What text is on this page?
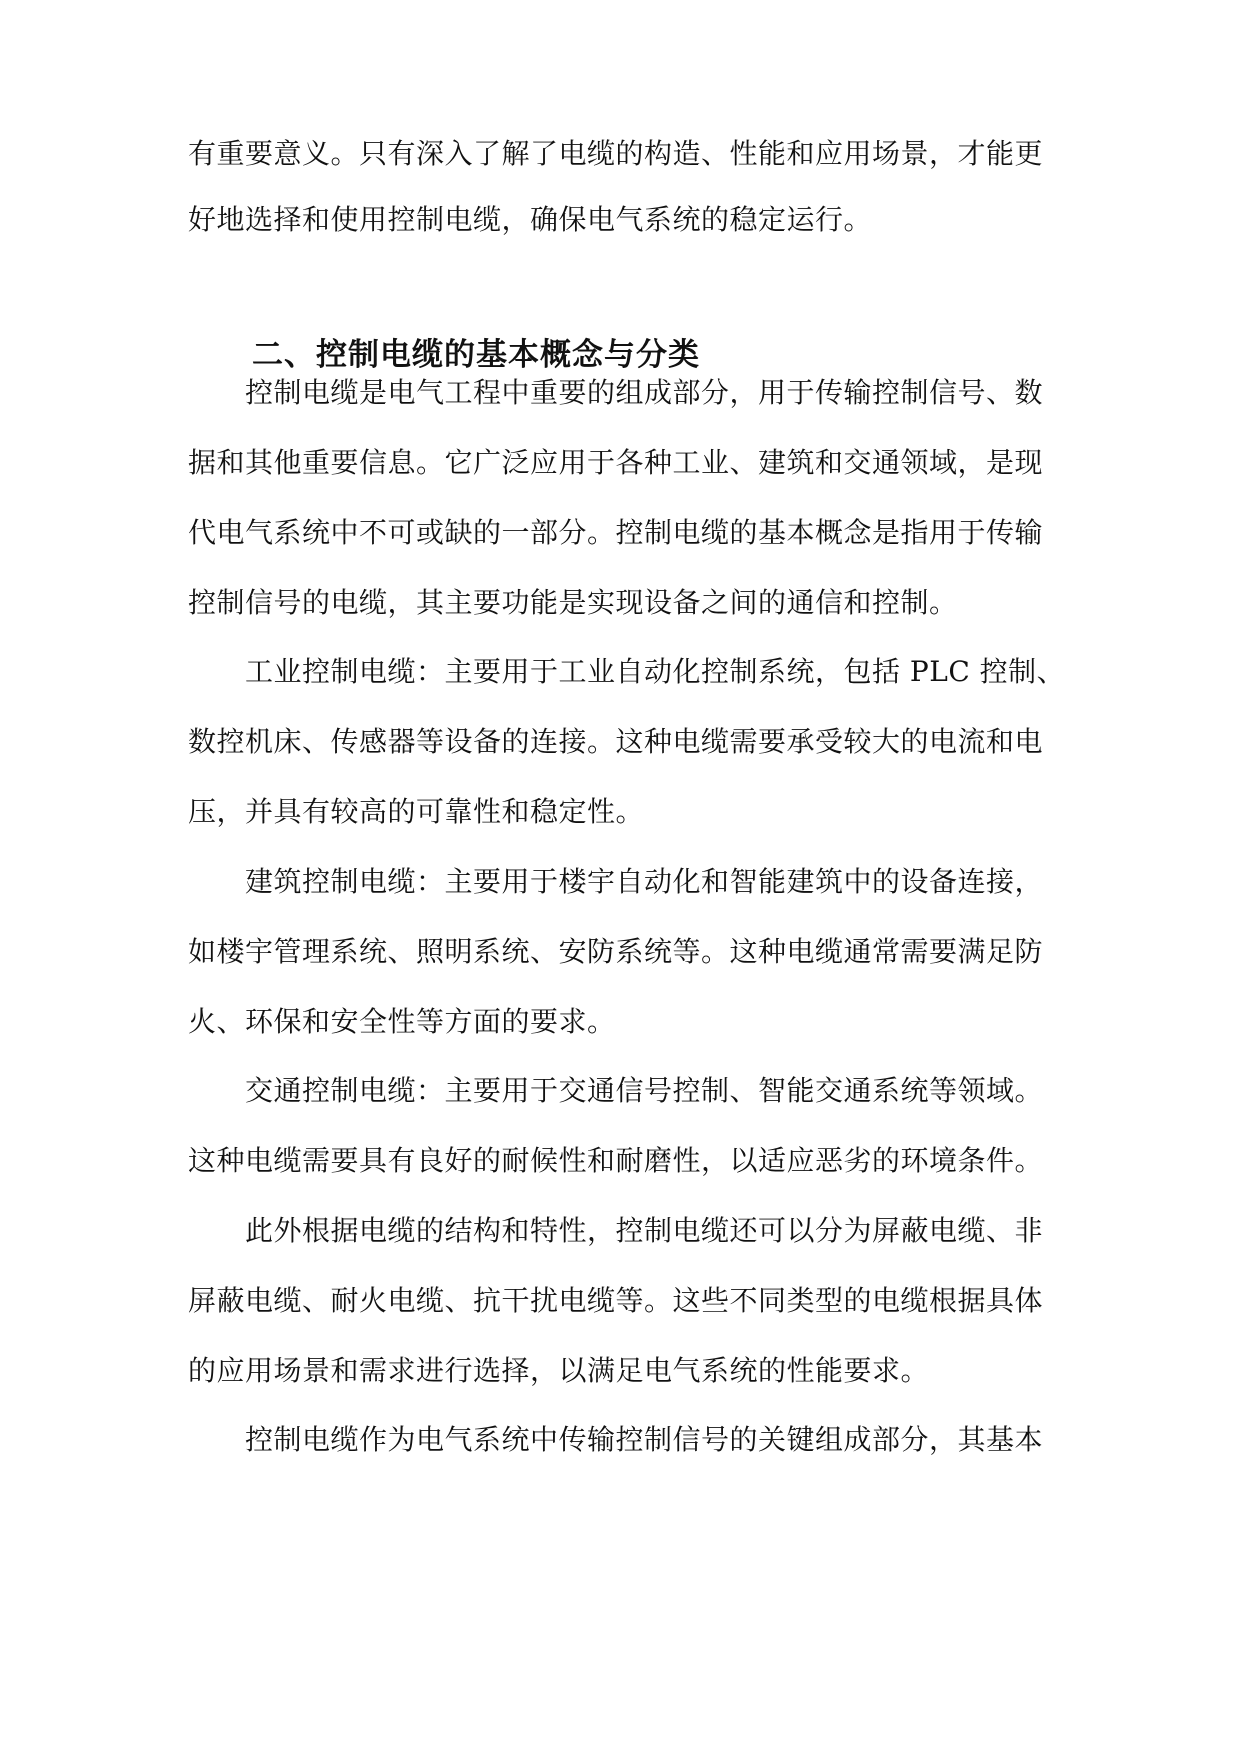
有重要意义。只有深入了解了电缆的构造、性能和应用场景，才能更
好地选择和使用控制电缆，确保电气系统的稳定运行。
二、控制电缆的基本概念与分类
控制电缆是电气工程中重要的组成部分，用于传输控制信号、数
据和其他重要信息。它广泛应用于各种工业、建筑和交通领域，是现
代电气系统中不可或缺的一部分。控制电缆的基本概念是指用于传输
控制信号的电缆，其主要功能是实现设备之间的通信和控制。
工业控制电缆：主要用于工业自动化控制系统，包括 PLC 控制、
数控机床、传感器等设备的连接。这种电缆需要承受较大的电流和电
压，并具有较高的可靠性和稳定性。
建筑控制电缆：主要用于楼宇自动化和智能建筑中的设备连接，
如楼宇管理系统、照明系统、安防系统等。这种电缆通常需要满足防
火、环保和安全性等方面的要求。
交通控制电缆：主要用于交通信号控制、智能交通系统等领域。
这种电缆需要具有良好的耐候性和耐磨性，以适应恶劣的环境条件。
此外根据电缆的结构和特性，控制电缆还可以分为屏蔽电缆、非
屏蔽电缆、耐火电缆、抗干扰电缆等。这些不同类型的电缆根据具体
的应用场景和需求进行选择，以满足电气系统的性能要求。
控制电缆作为电气系统中传输控制信号的关键组成部分，其基本
